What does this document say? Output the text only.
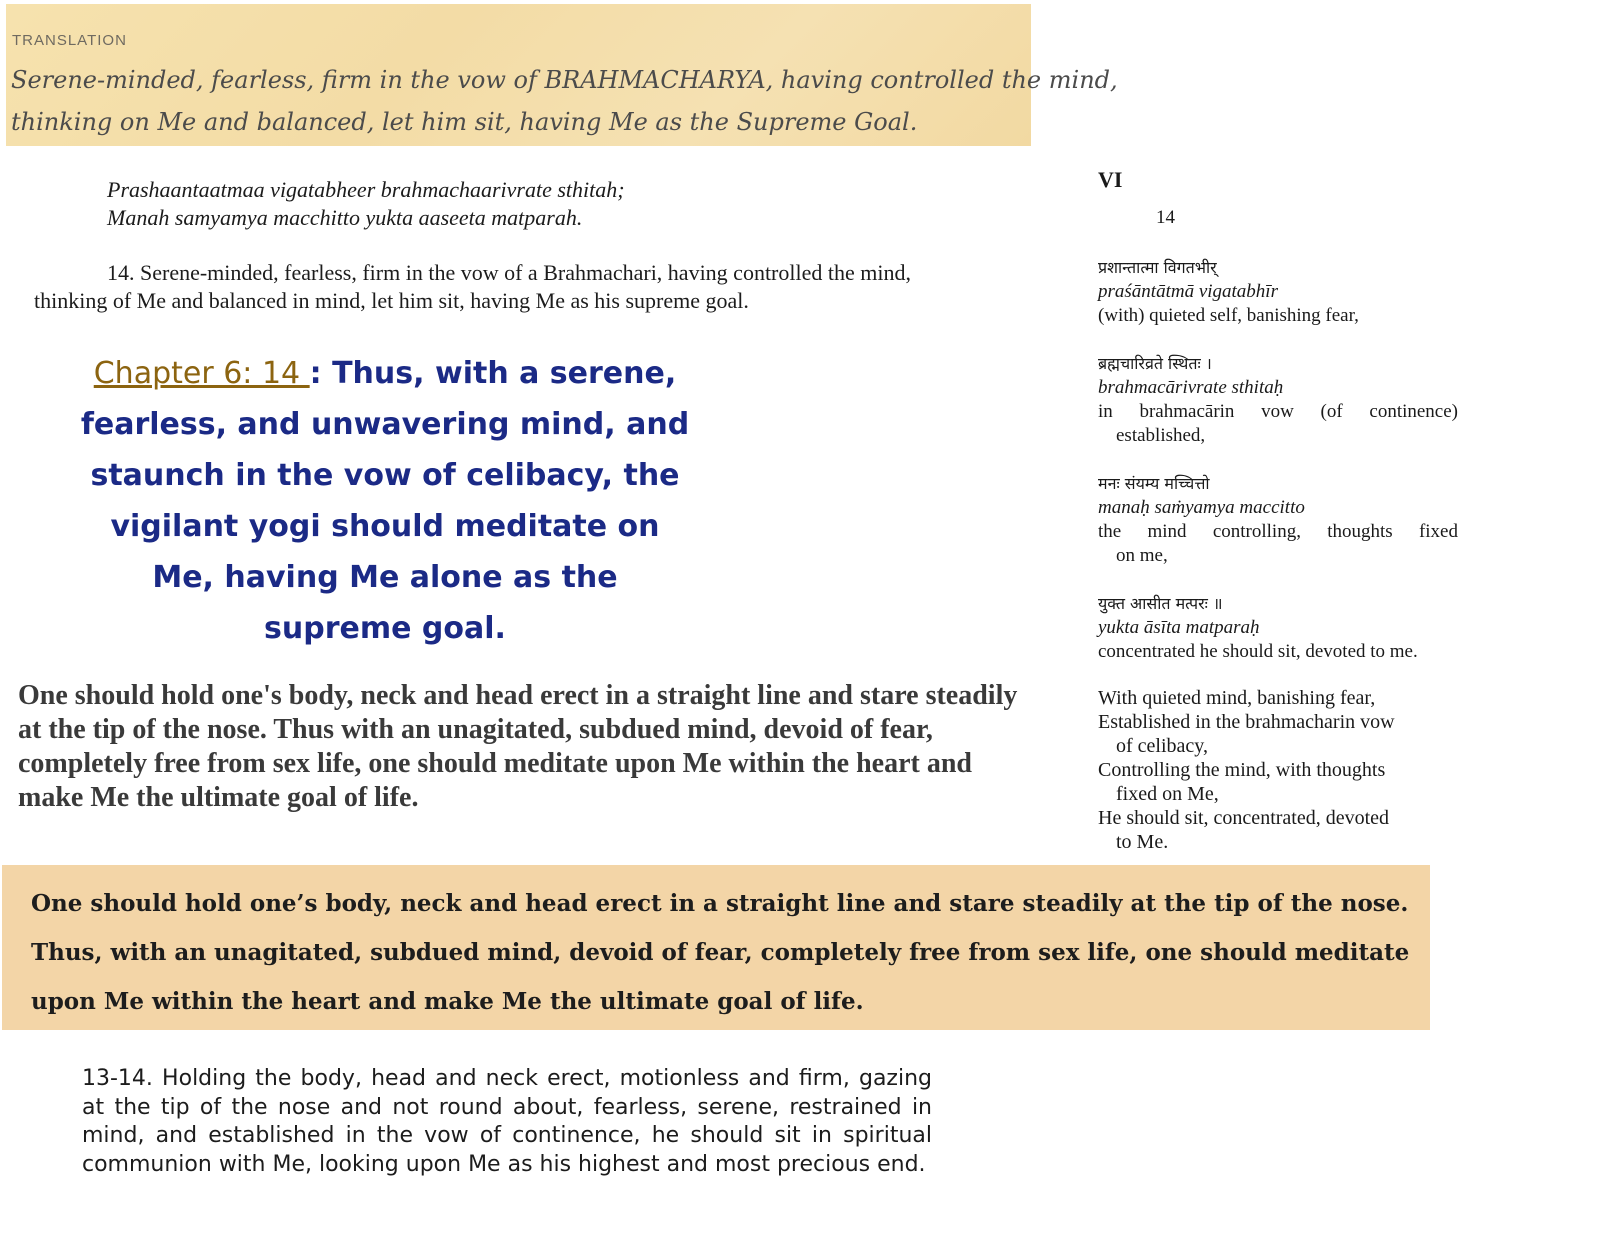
TRANSLATION
Serene-minded, fearless, firm in the vow of BRAHMACHARYA, having controlled the mind,
thinking on Me and balanced, let him sit, having Me as the Supreme Goal.
Prashaantaatmaa vigatabheer brahmachaarivrate sthitah;
Manah samyamya macchitto yukta aaseeta matparah.
14. Serene-minded, fearless, firm in the vow of a Brahmachari, having controlled the mind,
thinking of Me and balanced in mind, let him sit, having Me as his supreme goal.
Chapter 6: 14 : Thus, with a serene, fearless, and unwavering mind, and staunch in the vow of celibacy, the vigilant yogi should meditate on Me, having Me alone as the supreme goal.
One should hold one's body, neck and head erect in a straight line and stare steadily at the tip of the nose. Thus with an unagitated, subdued mind, devoid of fear, completely free from sex life, one should meditate upon Me within the heart and make Me the ultimate goal of life.
VI
14
प्रशान्तात्मा विगतभीर्
praśāntātmā vigatabhīr
(with) quieted self, banishing fear,
ब्रह्मचारिव्रते स्थितः ।
brahmacārivrate sthitaḥ
in brahmacārin vow (of continence)
established,
मनः संयम्य मच्चित्तो
manaḥ saṁyamya maccitto
the mind controlling, thoughts fixed
on me,
युक्त आसीत मत्परः ॥
yukta āsīta matparaḥ
concentrated he should sit, devoted to me.
With quieted mind, banishing fear,
Established in the brahmacharin vow
of celibacy,
Controlling the mind, with thoughts
fixed on Me,
He should sit, concentrated, devoted
to Me.
One should hold one’s body, neck and head erect in a straight line and stare steadily at the tip of the nose. Thus, with an unagitated, subdued mind, devoid of fear, completely free from sex life, one should meditate upon Me within the heart and make Me the ultimate goal of life.
13-14. Holding the body, head and neck erect, motionless and firm, gazing at the tip of the nose and not round about, fearless, serene, restrained in mind, and established in the vow of continence, he should sit in spiritual communion with Me, looking upon Me as his highest and most precious end.
